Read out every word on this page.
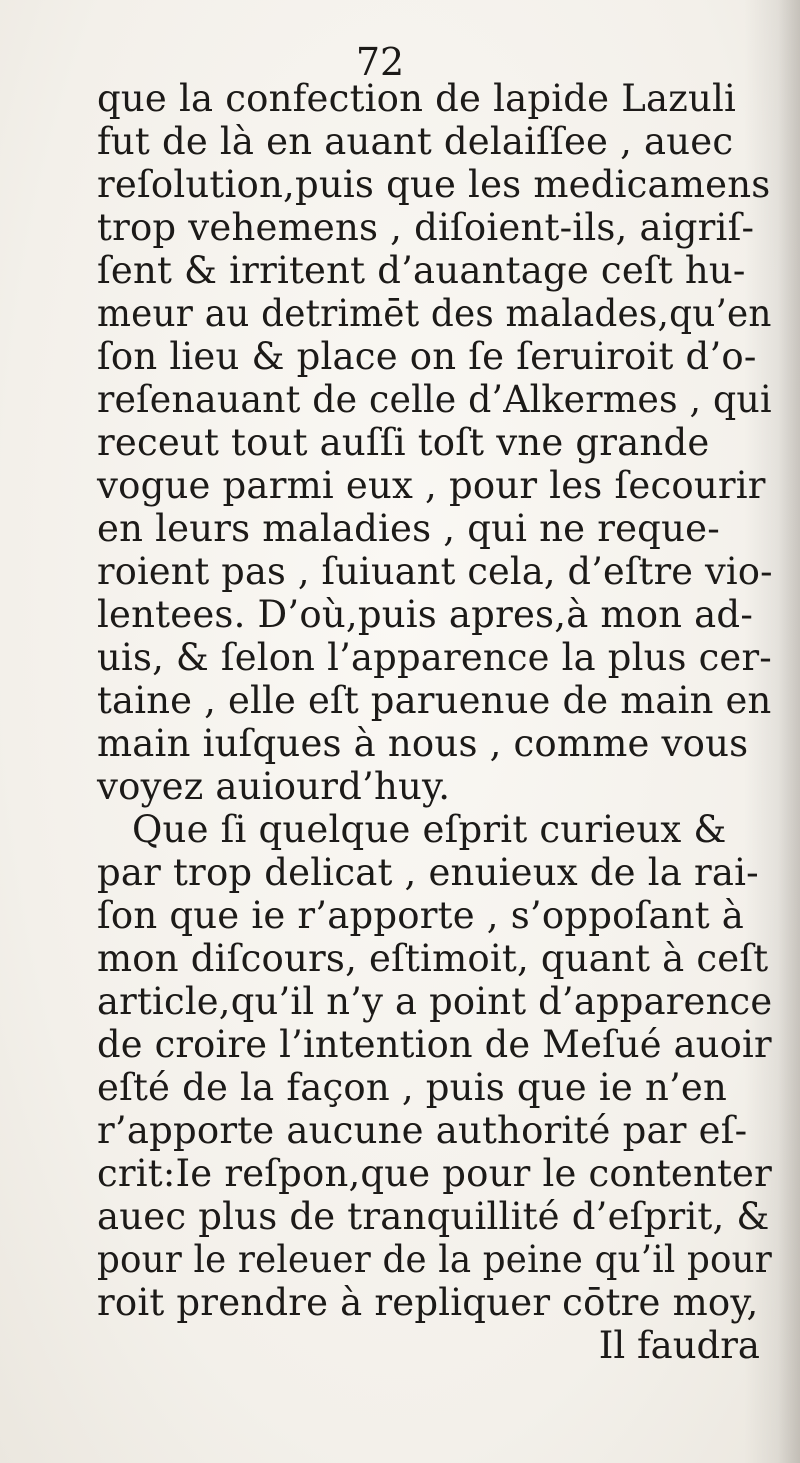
72
que la confection de lapide Lazuli
fut de là en auant delaiſſee , auec
reſolution,puis que les medicamens
trop vehemens , diſoient-ils, aigriſ-
ſent & irritent d’auantage ceſt hu-
meur au detrimēt des malades,qu’en
ſon lieu & place on ſe ſeruiroit d’o-
reſenauant de celle d’Alkermes , qui
receut tout auſſi toſt vne grande
vogue parmi eux , pour les ſecourir
en leurs maladies , qui ne reque-
roient pas , ſuiuant cela, d’eſtre vio-
lentees. D’où,puis apres,à mon ad-
uis, & ſelon l’apparence la plus cer-
taine , elle eſt paruenue de main en
main iuſques à nous , comme vous
voyez auiourd’huy.
Que ſi quelque eſprit curieux &
par trop delicat , enuieux de la rai-
ſon que ie r’apporte , s’oppoſant à
mon diſcours, eſtimoit, quant à ceſt
article,qu’il n’y a point d’apparence
de croire l’intention de Meſué auoir
eſté de la façon , puis que ie n’en
r’apporte aucune authorité par eſ-
crit:Ie reſpon,que pour le contenter
auec plus de tranquillité d’eſprit, &
pour le releuer de la peine qu’il pour
roit prendre à repliquer cōtre moy,
Il faudra
